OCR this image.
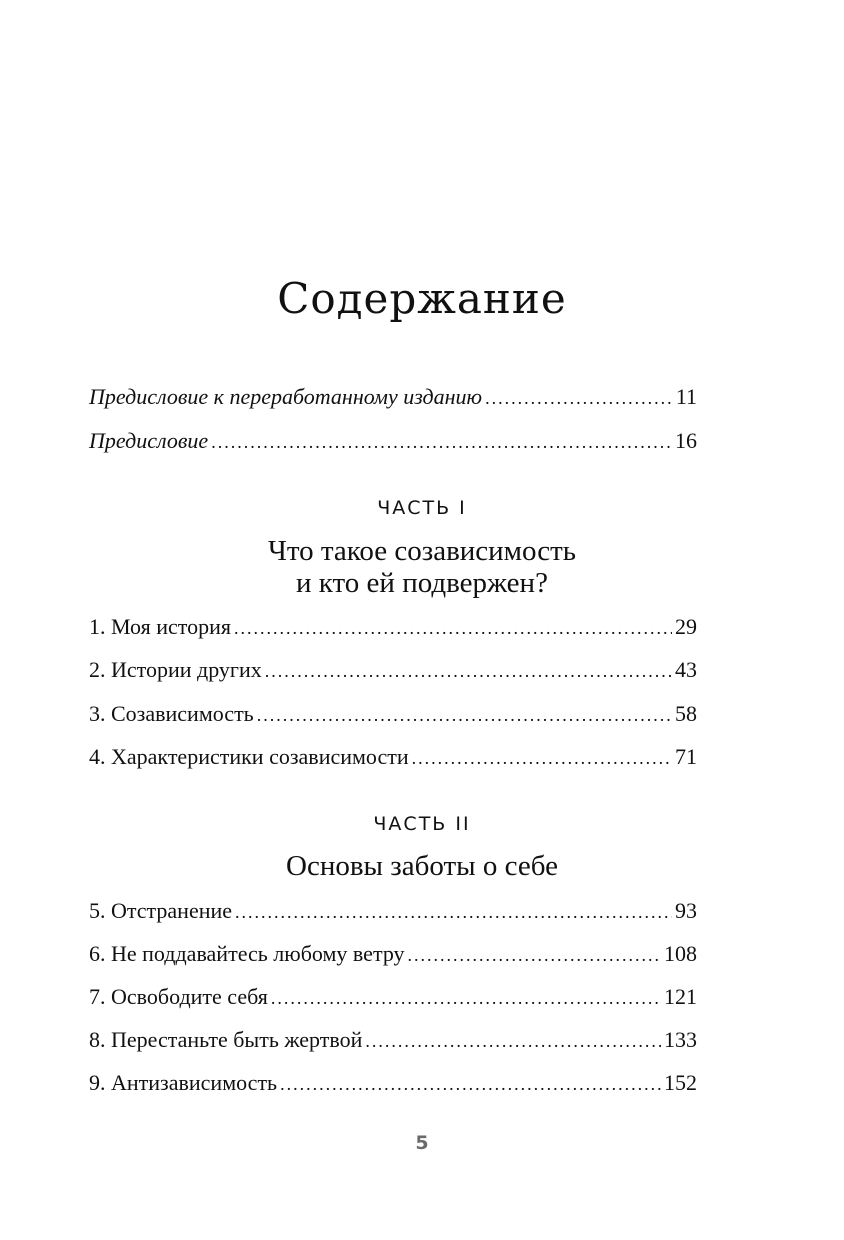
Содержание
Предисловие к переработанному изданию .....	11
Предисловие .....	16
ЧАСТЬ I
Что такое созависимость
и кто ей подвержен?
1. Моя история .....	29
2. Истории других .....	43
3. Созависимость .....	58
4. Характеристики созависимости .....	71
ЧАСТЬ II
Основы заботы о себе
5. Отстранение .....	93
6. Не поддавайтесь любому ветру .....	108
7. Освободите себя .....	121
8. Перестаньте быть жертвой .....	133
9. Антизависимость .....	152
5
